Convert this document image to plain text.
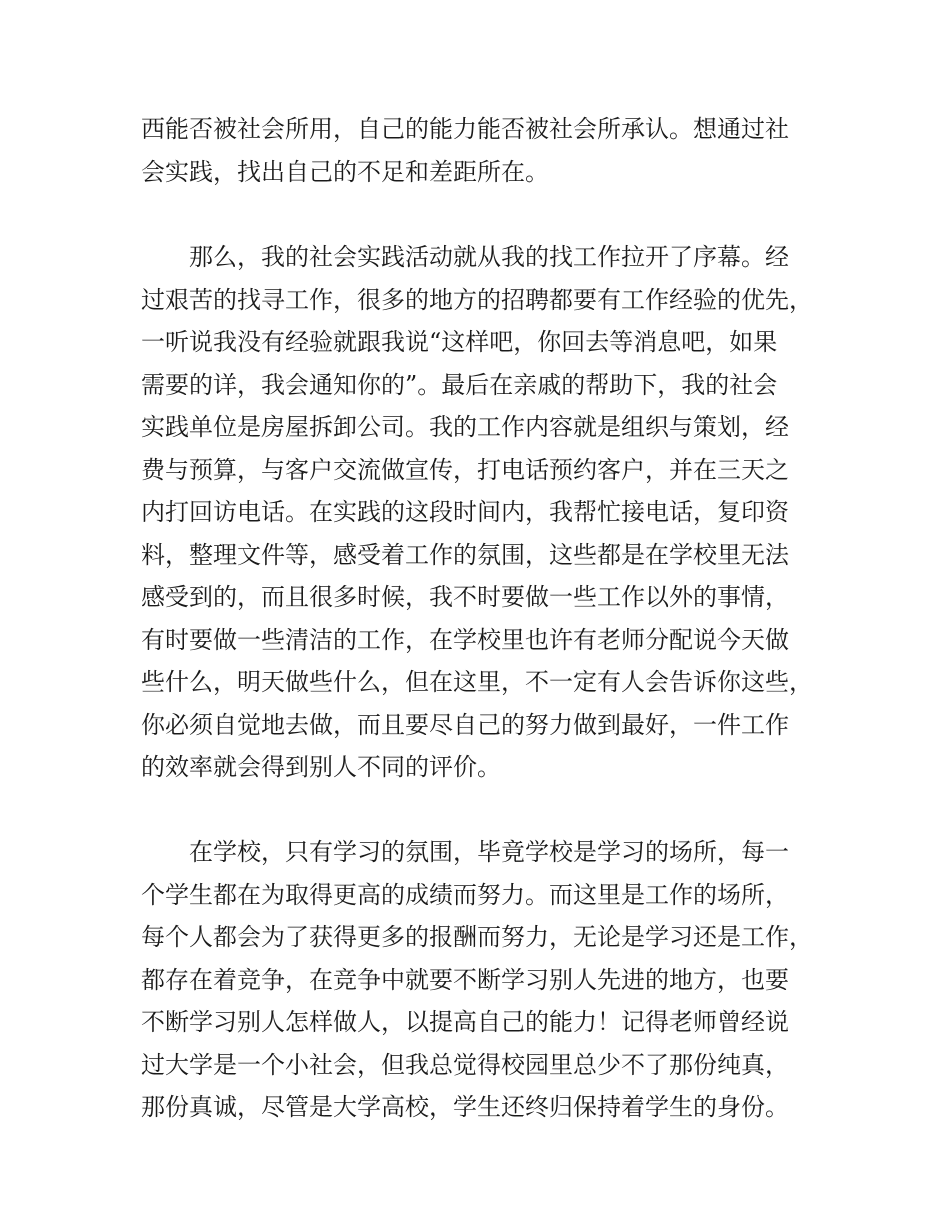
西能否被社会所用，自己的能力能否被社会所承认。想通过社
会实践，找出自己的不足和差距所在。
那么，我的社会实践活动就从我的找工作拉开了序幕。经
过艰苦的找寻工作，很多的地方的招聘都要有工作经验的优先，
一听说我没有经验就跟我说“这样吧，你回去等消息吧，如果
需要的详，我会通知你的”。最后在亲戚的帮助下，我的社会
实践单位是房屋拆卸公司。我的工作内容就是组织与策划，经
费与预算，与客户交流做宣传，打电话预约客户，并在三天之
内打回访电话。在实践的这段时间内，我帮忙接电话，复印资
料，整理文件等，感受着工作的氛围，这些都是在学校里无法
感受到的，而且很多时候，我不时要做一些工作以外的事情，
有时要做一些清洁的工作，在学校里也许有老师分配说今天做
些什么，明天做些什么，但在这里，不一定有人会告诉你这些，
你必须自觉地去做，而且要尽自己的努力做到最好，一件工作
的效率就会得到别人不同的评价。
在学校，只有学习的氛围，毕竟学校是学习的场所，每一
个学生都在为取得更高的成绩而努力。而这里是工作的场所，
每个人都会为了获得更多的报酬而努力，无论是学习还是工作，
都存在着竞争，在竞争中就要不断学习别人先进的地方，也要
不断学习别人怎样做人，以提高自己的能力！记得老师曾经说
过大学是一个小社会，但我总觉得校园里总少不了那份纯真，
那份真诚，尽管是大学高校，学生还终归保持着学生的身份。
